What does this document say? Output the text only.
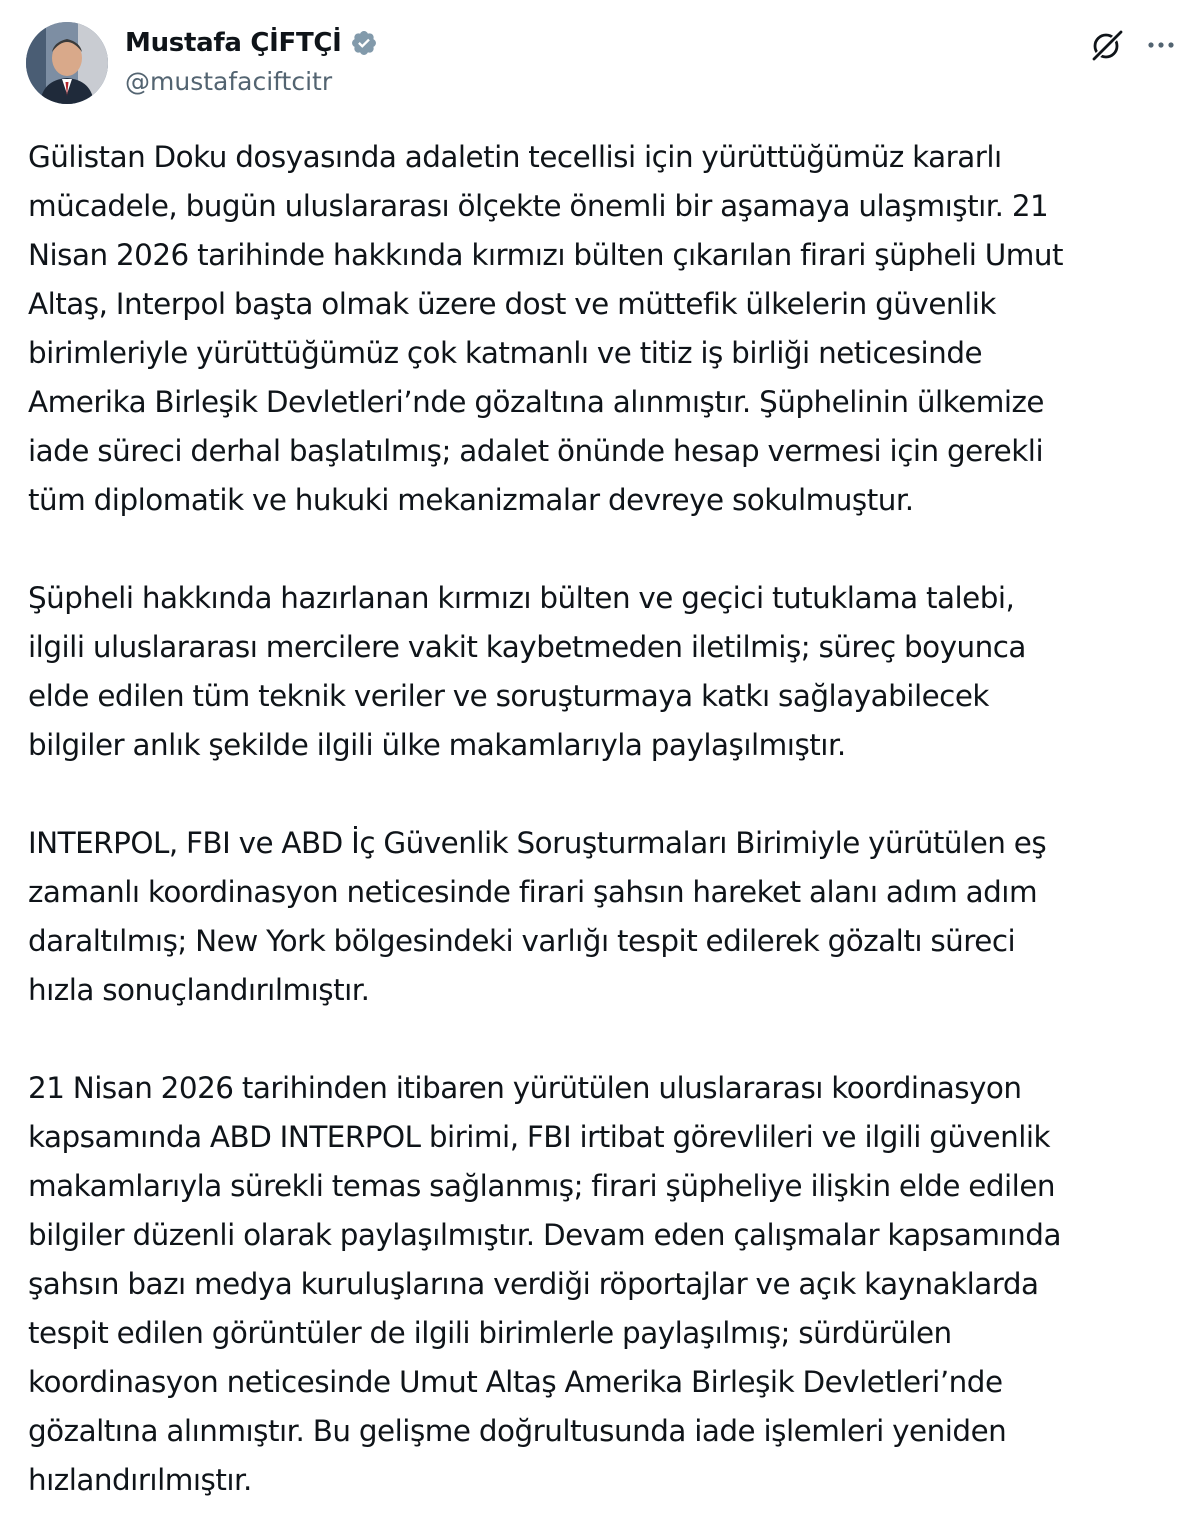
Mustafa ÇİFTÇİ
@mustafaciftcitr

Gülistan Doku dosyasında adaletin tecellisi için yürüttüğümüz kararlı
mücadele, bugün uluslararası ölçekte önemli bir aşamaya ulaşmıştır. 21
Nisan 2026 tarihinde hakkında kırmızı bülten çıkarılan firari şüpheli Umut
Altaş, Interpol başta olmak üzere dost ve müttefik ülkelerin güvenlik
birimleriyle yürüttüğümüz çok katmanlı ve titiz iş birliği neticesinde
Amerika Birleşik Devletleri’nde gözaltına alınmıştır. Şüphelinin ülkemize
iade süreci derhal başlatılmış; adalet önünde hesap vermesi için gerekli
tüm diplomatik ve hukuki mekanizmalar devreye sokulmuştur.

Şüpheli hakkında hazırlanan kırmızı bülten ve geçici tutuklama talebi,
ilgili uluslararası mercilere vakit kaybetmeden iletilmiş; süreç boyunca
elde edilen tüm teknik veriler ve soruşturmaya katkı sağlayabilecek
bilgiler anlık şekilde ilgili ülke makamlarıyla paylaşılmıştır.

INTERPOL, FBI ve ABD İç Güvenlik Soruşturmaları Birimiyle yürütülen eş
zamanlı koordinasyon neticesinde firari şahsın hareket alanı adım adım
daraltılmış; New York bölgesindeki varlığı tespit edilerek gözaltı süreci
hızla sonuçlandırılmıştır.

21 Nisan 2026 tarihinden itibaren yürütülen uluslararası koordinasyon
kapsamında ABD INTERPOL birimi, FBI irtibat görevlileri ve ilgili güvenlik
makamlarıyla sürekli temas sağlanmış; firari şüpheliye ilişkin elde edilen
bilgiler düzenli olarak paylaşılmıştır. Devam eden çalışmalar kapsamında
şahsın bazı medya kuruluşlarına verdiği röportajlar ve açık kaynaklarda
tespit edilen görüntüler de ilgili birimlerle paylaşılmış; sürdürülen
koordinasyon neticesinde Umut Altaş Amerika Birleşik Devletleri’nde
gözaltına alınmıştır. Bu gelişme doğrultusunda iade işlemleri yeniden
hızlandırılmıştır.
